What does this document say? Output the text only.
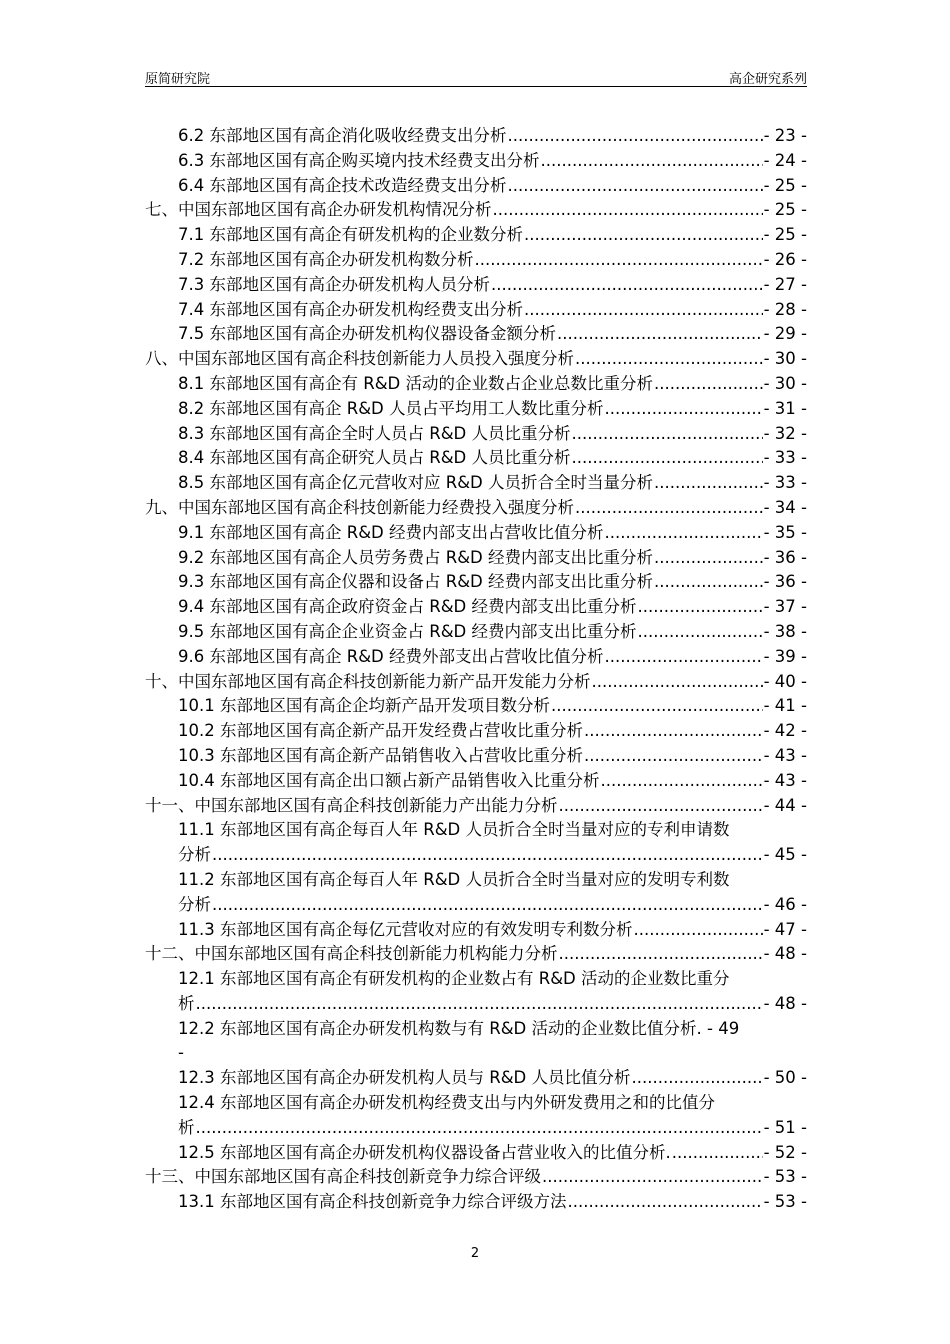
原简研究院	高企研究系列
6.2 东部地区国有高企消化吸收经费支出分析 .....	- 23 -
6.3 东部地区国有高企购买境内技术经费支出分析 .....	- 24 -
6.4 东部地区国有高企技术改造经费支出分析 .....	- 25 -
七、中国东部地区国有高企办研发机构情况分析 .....	- 25 -
7.1 东部地区国有高企有研发机构的企业数分析 .....	- 25 -
7.2 东部地区国有高企办研发机构数分析 .....	- 26 -
7.3 东部地区国有高企办研发机构人员分析 .....	- 27 -
7.4 东部地区国有高企办研发机构经费支出分析 .....	- 28 -
7.5 东部地区国有高企办研发机构仪器设备金额分析 .....	- 29 -
八、中国东部地区国有高企科技创新能力人员投入强度分析 .....	- 30 -
8.1 东部地区国有高企有 R&D 活动的企业数占企业总数比重分析 .....	- 30 -
8.2 东部地区国有高企 R&D 人员占平均用工人数比重分析 .....	- 31 -
8.3 东部地区国有高企全时人员占 R&D 人员比重分析 .....	- 32 -
8.4 东部地区国有高企研究人员占 R&D 人员比重分析 .....	- 33 -
8.5 东部地区国有高企亿元营收对应 R&D 人员折合全时当量分析 .....	- 33 -
九、中国东部地区国有高企科技创新能力经费投入强度分析 .....	- 34 -
9.1 东部地区国有高企 R&D 经费内部支出占营收比值分析 .....	- 35 -
9.2 东部地区国有高企人员劳务费占 R&D 经费内部支出比重分析 .....	- 36 -
9.3 东部地区国有高企仪器和设备占 R&D 经费内部支出比重分析 .....	- 36 -
9.4 东部地区国有高企政府资金占 R&D 经费内部支出比重分析 .....	- 37 -
9.5 东部地区国有高企企业资金占 R&D 经费内部支出比重分析 .....	- 38 -
9.6 东部地区国有高企 R&D 经费外部支出占营收比值分析 .....	- 39 -
十、中国东部地区国有高企科技创新能力新产品开发能力分析 .....	- 40 -
10.1 东部地区国有高企企均新产品开发项目数分析 .....	- 41 -
10.2 东部地区国有高企新产品开发经费占营收比重分析 .....	- 42 -
10.3 东部地区国有高企新产品销售收入占营收比重分析 .....	- 43 -
10.4 东部地区国有高企出口额占新产品销售收入比重分析 .....	- 43 -
十一、中国东部地区国有高企科技创新能力产出能力分析 .....	- 44 -
11.1 东部地区国有高企每百人年 R&D 人员折合全时当量对应的专利申请数
分析 .....	- 45 -
11.2 东部地区国有高企每百人年 R&D 人员折合全时当量对应的发明专利数
分析 .....	- 46 -
11.3 东部地区国有高企每亿元营收对应的有效发明专利数分析 .....	- 47 -
十二、中国东部地区国有高企科技创新能力机构能力分析 .....	- 48 -
12.1 东部地区国有高企有研发机构的企业数占有 R&D 活动的企业数比重分
析 .....	- 48 -
12.2 东部地区国有高企办研发机构数与有 R&D 活动的企业数比值分析. - 49
-
12.3 东部地区国有高企办研发机构人员与 R&D 人员比值分析 .....	- 50 -
12.4 东部地区国有高企办研发机构经费支出与内外研发费用之和的比值分
析 .....	- 51 -
12.5 东部地区国有高企办研发机构仪器设备占营业收入的比值分析. .....	- 52 -
十三、中国东部地区国有高企科技创新竞争力综合评级 .....	- 53 -
13.1 东部地区国有高企科技创新竞争力综合评级方法 .....	- 53 -
2
